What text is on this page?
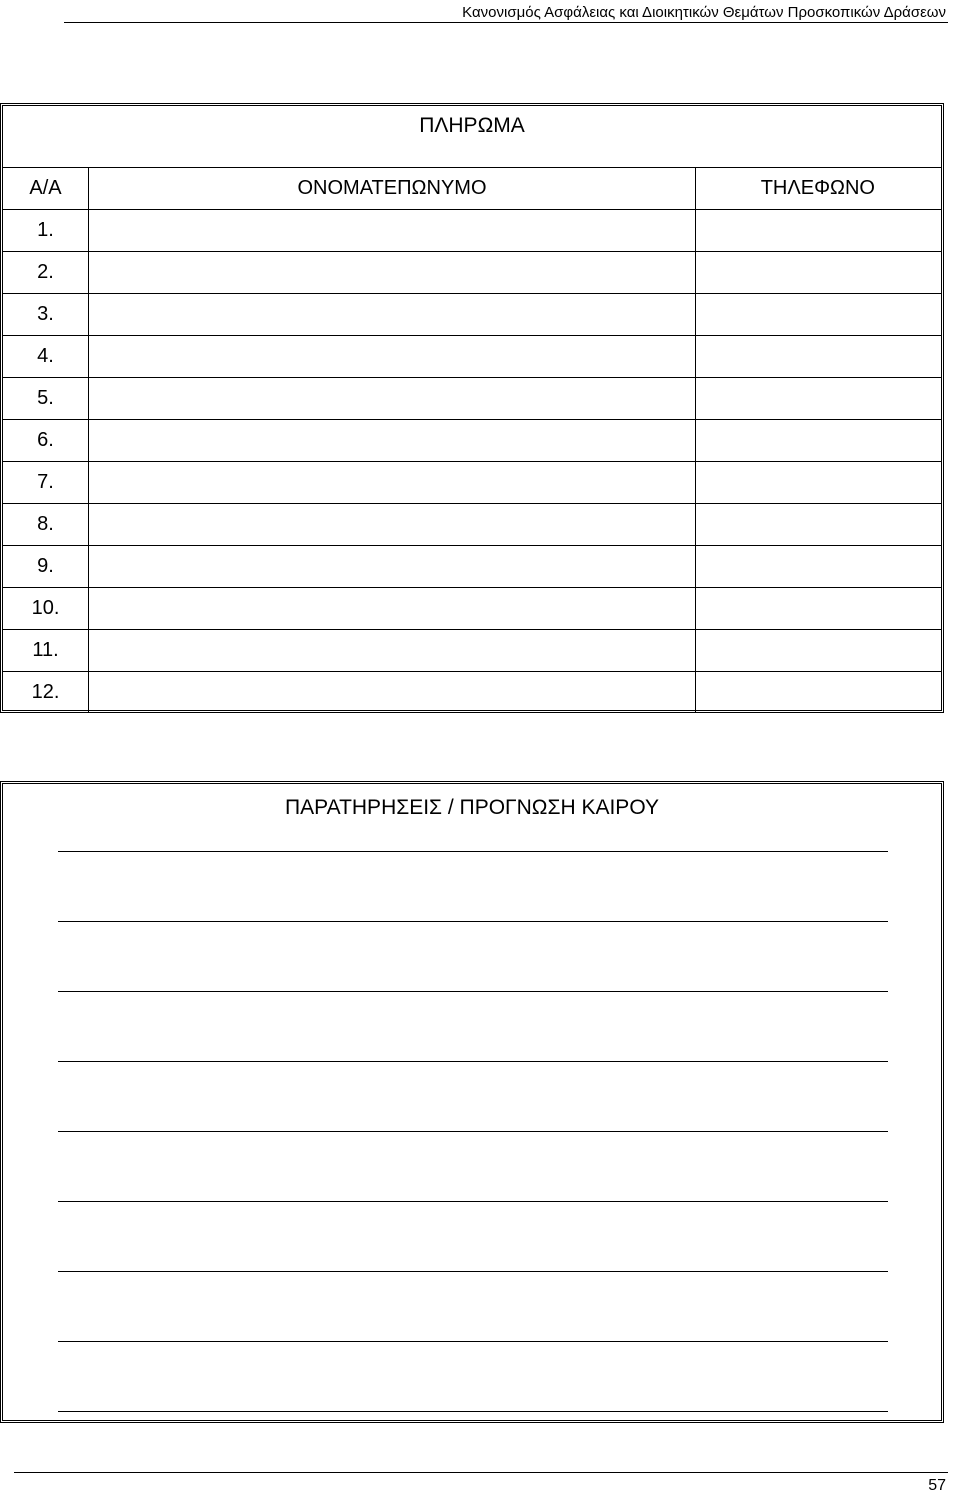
Κανονισμός Ασφάλειας και Διοικητικών Θεμάτων Προσκοπικών Δράσεων
ΠΛΗΡΩΜΑ
Α/Α	ΟΝΟΜΑΤΕΠΩΝΥΜΟ	ΤΗΛΕΦΩΝΟ
1.		
2.		
3.		
4.		
5.		
6.		
7.		
8.		
9.		
10.		
11.		
12.		
ΠΑΡΑΤΗΡΗΣΕΙΣ / ΠΡΟΓΝΩΣΗ ΚΑΙΡΟΥ
57
